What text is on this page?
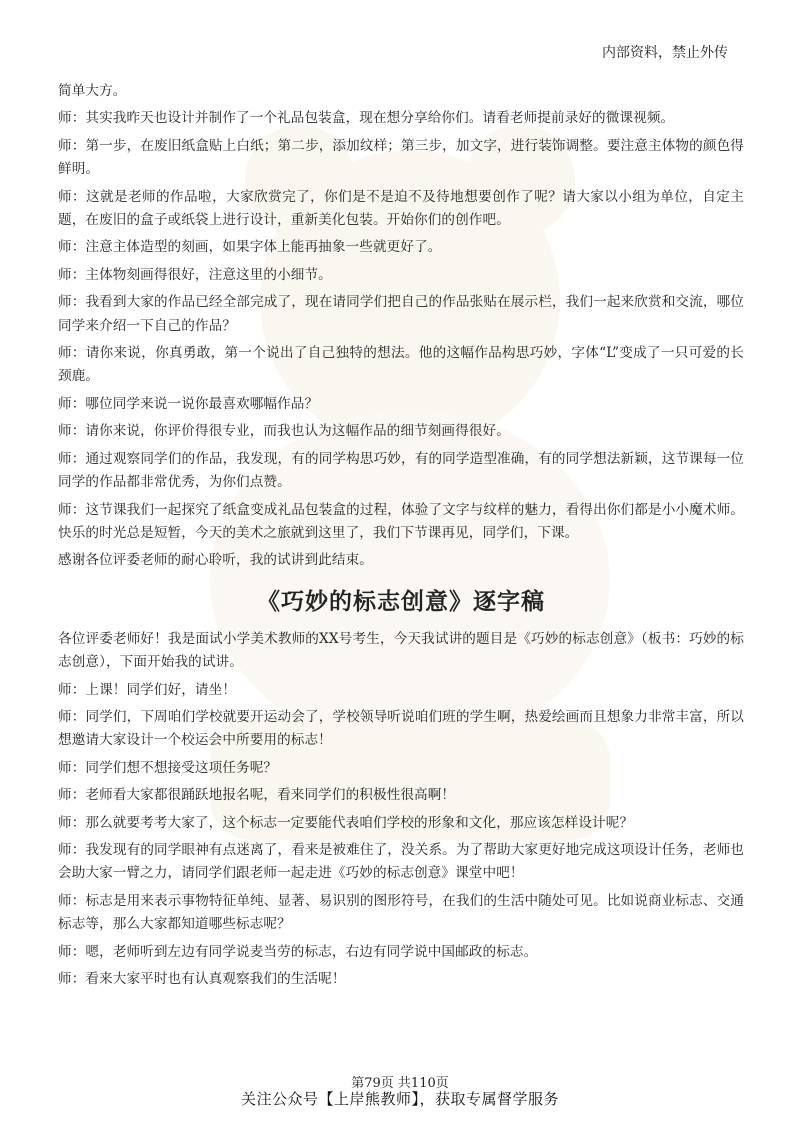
内部资料，禁止外传

简单大方。

师：其实我昨天也设计并制作了一个礼品包装盒，现在想分享给你们。请看老师提前录好的微课视频。

师：第一步，在废旧纸盒贴上白纸；第二步，添加纹样；第三步，加文字，进行装饰调整。要注意主体物的颜色得鲜明。

师：这就是老师的作品啦，大家欣赏完了，你们是不是迫不及待地想要创作了呢？请大家以小组为单位，自定主题，在废旧的盒子或纸袋上进行设计，重新美化包装。开始你们的创作吧。

师：注意主体造型的刻画，如果字体上能再抽象一些就更好了。

师：主体物刻画得很好，注意这里的小细节。

师：我看到大家的作品已经全部完成了，现在请同学们把自己的作品张贴在展示栏，我们一起来欣赏和交流，哪位同学来介绍一下自己的作品？

师：请你来说，你真勇敢，第一个说出了自己独特的想法。他的这幅作品构思巧妙，字体“L”变成了一只可爱的长颈鹿。

师：哪位同学来说一说你最喜欢哪幅作品？

师：请你来说，你评价得很专业，而我也认为这幅作品的细节刻画得很好。

师：通过观察同学们的作品，我发现，有的同学构思巧妙，有的同学造型准确，有的同学想法新颖，这节课每一位同学的作品都非常优秀，为你们点赞。

师：这节课我们一起探究了纸盒变成礼品包装盒的过程，体验了文字与纹样的魅力，看得出你们都是小小魔术师。快乐的时光总是短暂，今天的美术之旅就到这里了，我们下节课再见，同学们，下课。

感谢各位评委老师的耐心聆听，我的试讲到此结束。

《巧妙的标志创意》逐字稿

各位评委老师好！我是面试小学美术教师的XX号考生，今天我试讲的题目是《巧妙的标志创意》（板书：巧妙的标志创意），下面开始我的试讲。

师：上课！同学们好，请坐！

师：同学们，下周咱们学校就要开运动会了，学校领导听说咱们班的学生啊，热爱绘画而且想象力非常丰富，所以想邀请大家设计一个校运会中所要用的标志！

师：同学们想不想接受这项任务呢？

师：老师看大家都很踊跃地报名呢，看来同学们的积极性很高啊！

师：那么就要考考大家了，这个标志一定要能代表咱们学校的形象和文化，那应该怎样设计呢？

师：我发现有的同学眼神有点迷离了，看来是被难住了，没关系。为了帮助大家更好地完成这项设计任务，老师也会助大家一臂之力，请同学们跟老师一起走进《巧妙的标志创意》课堂中吧！

师：标志是用来表示事物特征单纯、显著、易识别的图形符号，在我们的生活中随处可见。比如说商业标志、交通标志等，那么大家都知道哪些标志呢？

师：嗯，老师听到左边有同学说麦当劳的标志，右边有同学说中国邮政的标志。

师：看来大家平时也有认真观察我们的生活呢！

第79页 共110页
关注公众号【上岸熊教师】，获取专属督学服务
